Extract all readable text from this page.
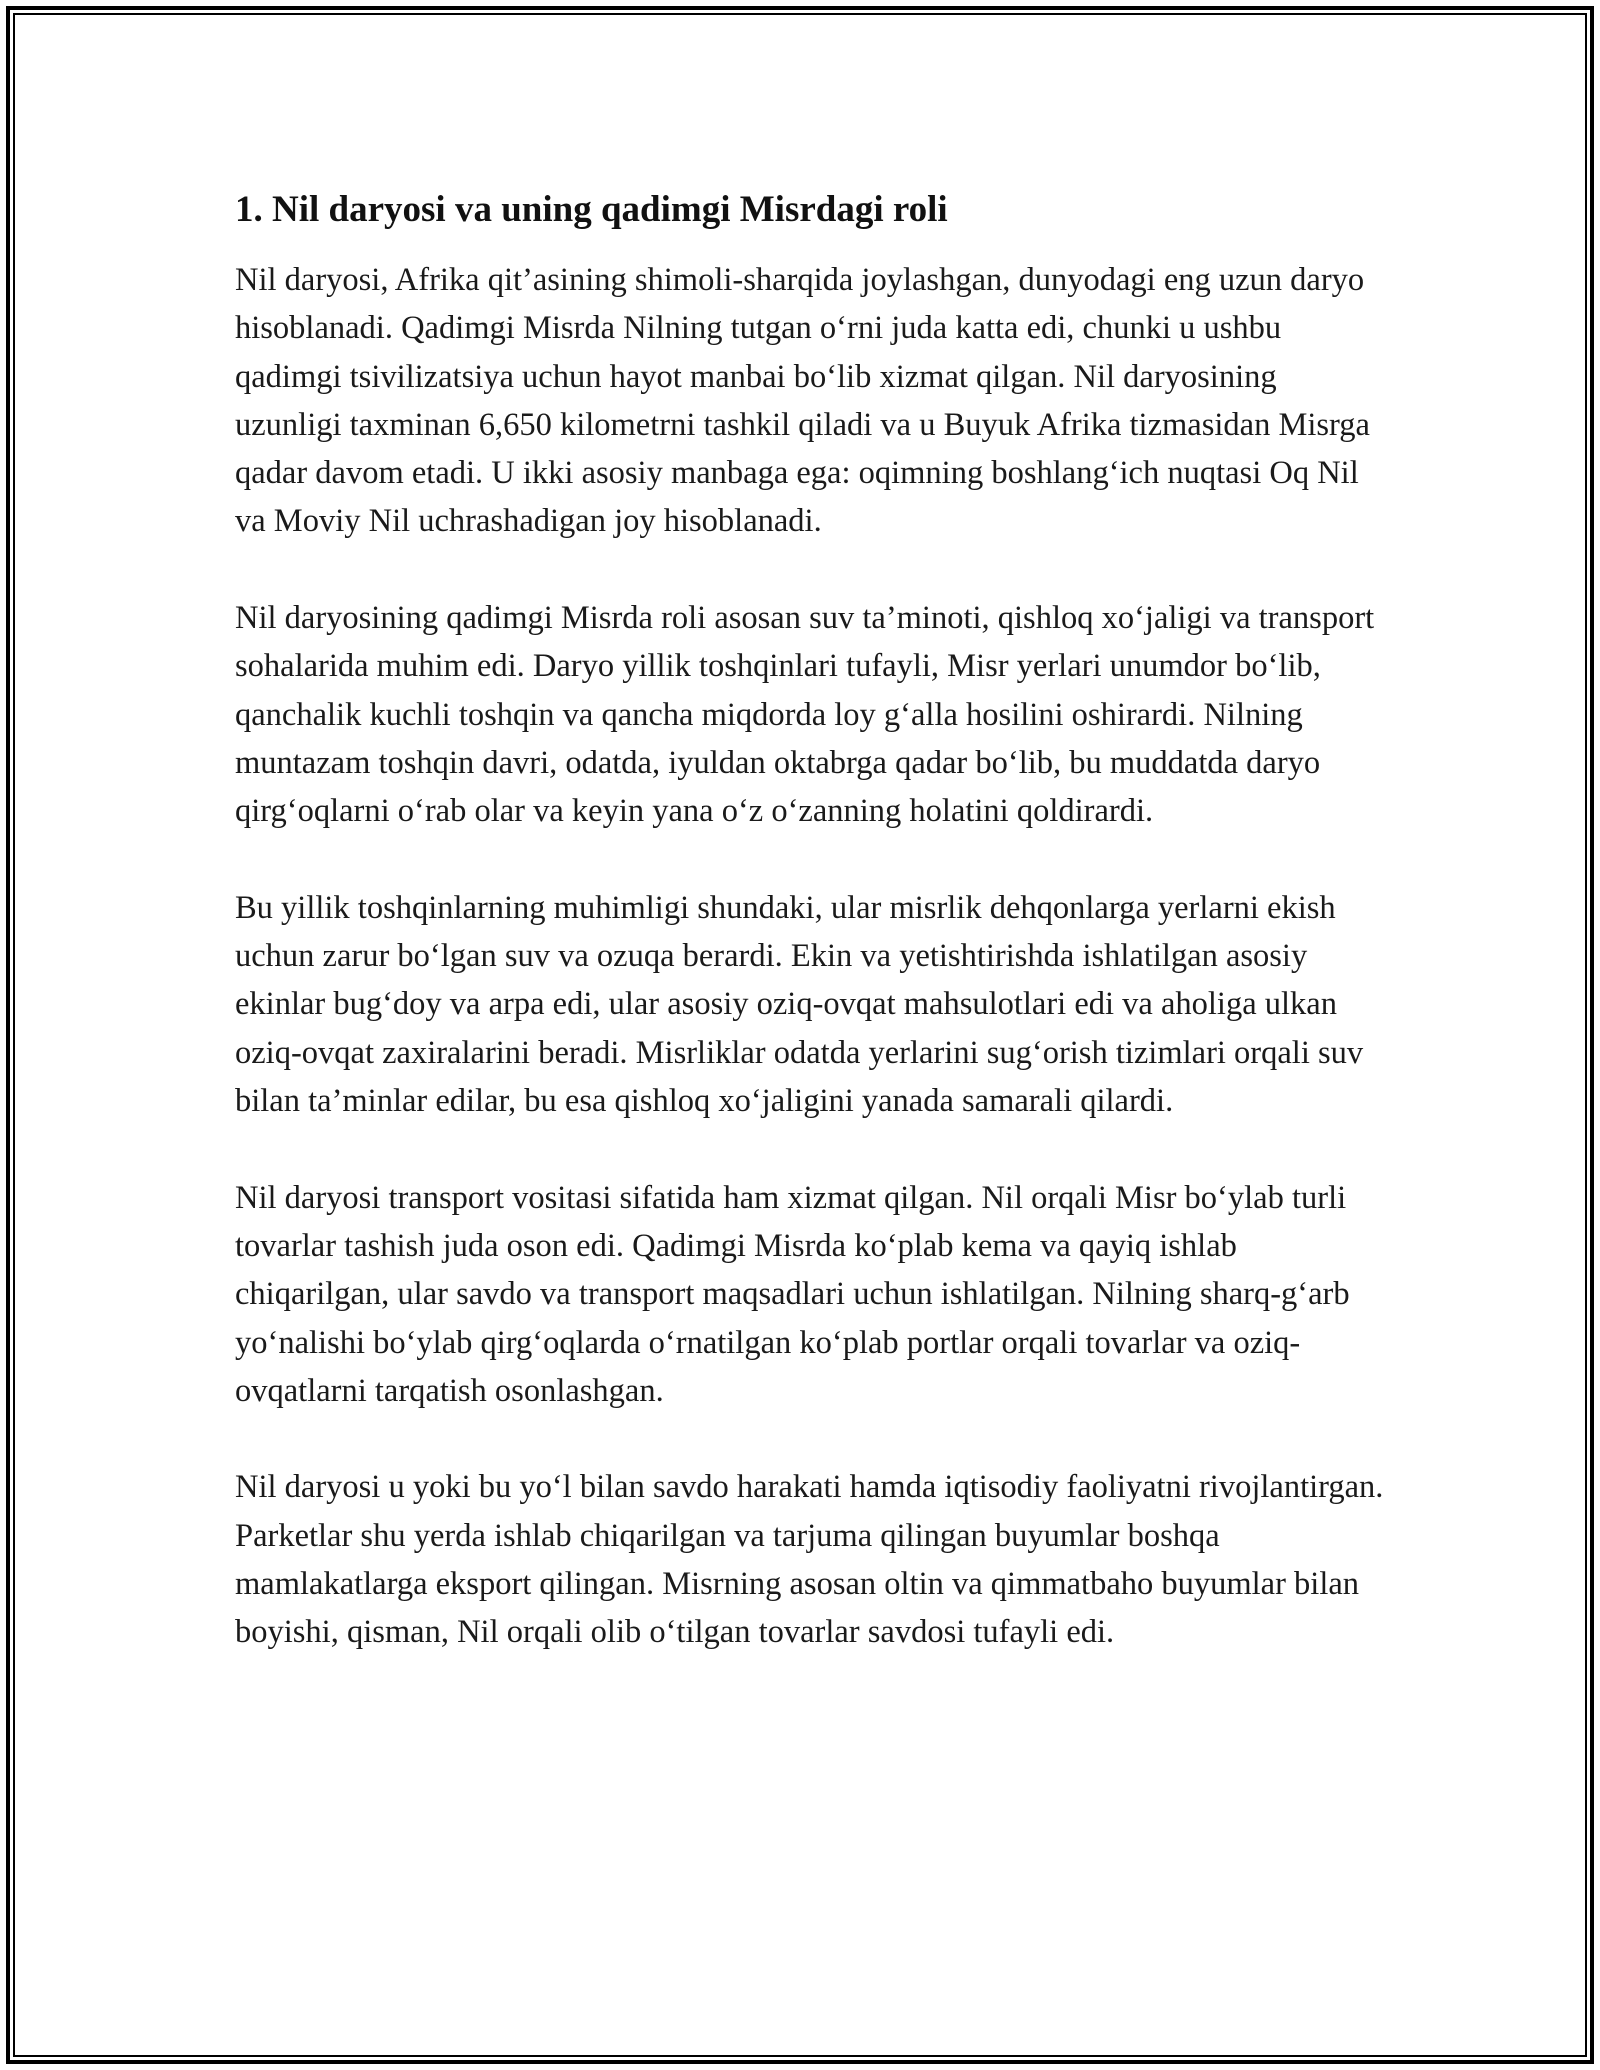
1. Nil daryosi va uning qadimgi Misrdagi roli

Nil daryosi, Afrika qit’asining shimoli-sharqida joylashgan, dunyodagi eng uzun daryo hisoblanadi. Qadimgi Misrda Nilning tutgan o‘rni juda katta edi, chunki u ushbu qadimgi tsivilizatsiya uchun hayot manbai bo‘lib xizmat qilgan. Nil daryosining uzunligi taxminan 6,650 kilometrni tashkil qiladi va u Buyuk Afrika tizmasidan Misrga qadar davom etadi. U ikki asosiy manbaga ega: oqimning boshlang‘ich nuqtasi Oq Nil va Moviy Nil uchrashadigan joy hisoblanadi.

Nil daryosining qadimgi Misrda roli asosan suv ta’minoti, qishloq xo‘jaligi va transport sohalarida muhim edi. Daryo yillik toshqinlari tufayli, Misr yerlari unumdor bo‘lib, qanchalik kuchli toshqin va qancha miqdorda loy g‘alla hosilini oshirardi. Nilning muntazam toshqin davri, odatda, iyuldan oktabrga qadar bo‘lib, bu muddatda daryo qirg‘oqlarni o‘rab olar va keyin yana o‘z o‘zanning holatini qoldirardi.

Bu yillik toshqinlarning muhimligi shundaki, ular misrlik dehqonlarga yerlarni ekish uchun zarur bo‘lgan suv va ozuqa berardi. Ekin va yetishtirishda ishlatilgan asosiy ekinlar bug‘doy va arpa edi, ular asosiy oziq-ovqat mahsulotlari edi va aholiga ulkan oziq-ovqat zaxiralarini beradi. Misrliklar odatda yerlarini sug‘orish tizimlari orqali suv bilan ta’minlar edilar, bu esa qishloq xo‘jaligini yanada samarali qilardi.

Nil daryosi transport vositasi sifatida ham xizmat qilgan. Nil orqali Misr bo‘ylab turli tovarlar tashish juda oson edi. Qadimgi Misrda ko‘plab kema va qayiq ishlab chiqarilgan, ular savdo va transport maqsadlari uchun ishlatilgan. Nilning sharq-g‘arb yo‘nalishi bo‘ylab qirg‘oqlarda o‘rnatilgan ko‘plab portlar orqali tovarlar va oziq-ovqatlarni tarqatish osonlashgan.

Nil daryosi u yoki bu yo‘l bilan savdo harakati hamda iqtisodiy faoliyatni rivojlantirgan. Parketlar shu yerda ishlab chiqarilgan va tarjuma qilingan buyumlar boshqa mamlakatlarga eksport qilingan. Misrning asosan oltin va qimmatbaho buyumlar bilan boyishi, qisman, Nil orqali olib o‘tilgan tovarlar savdosi tufayli edi.
